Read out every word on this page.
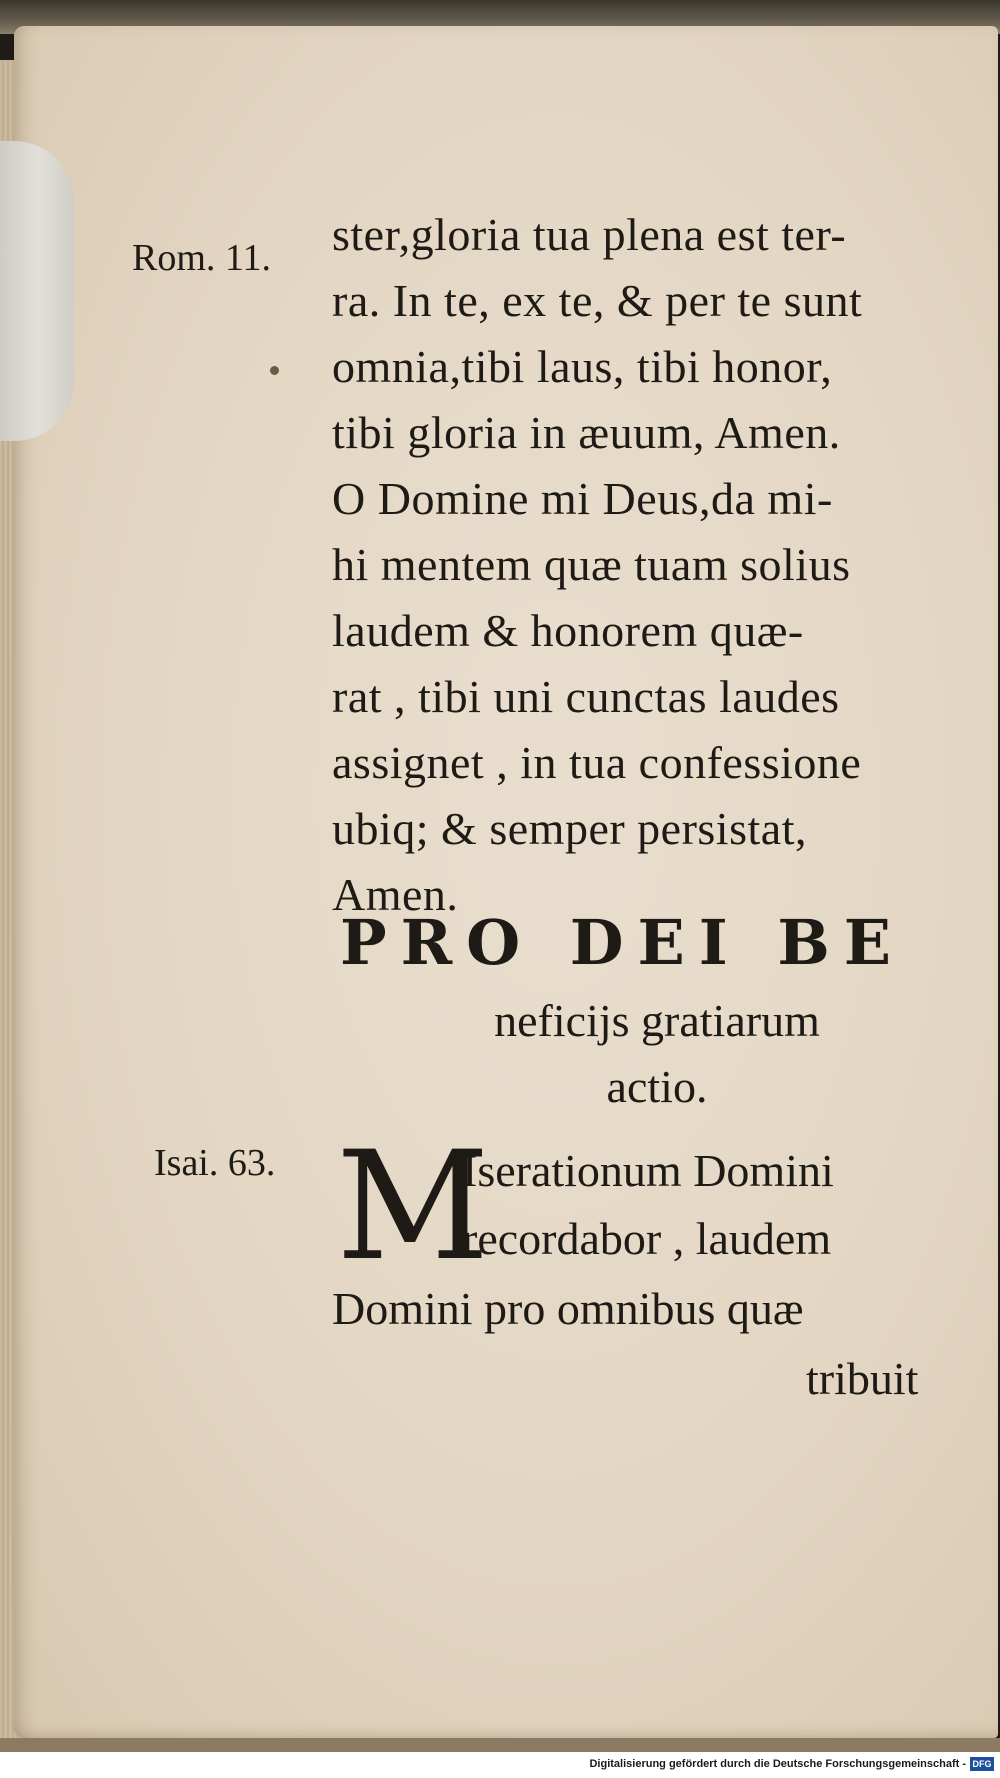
Rom. 11. ster,gloria tua plena est ter-
ra. In te, ex te, & per te sunt
omnia,tibi laus, tibi honor,
tibi gloria in æuum, Amen.
O Domine mi Deus,da mi-
hi mentem quæ tuam solius
laudem & honorem quæ-
rat , tibi uni cunctas laudes
assignet , in tua confessione
ubiq; & semper persistat,
Amen.
PRO DEI BE
neficijs gratiarum
actio.
Isai. 63. M
Iserationum Domini
recordabor , laudem
Domini pro omnibus quæ
tribuit
Digitalisierung gefördert durch die Deutsche Forschungsgemeinschaft - DFG
